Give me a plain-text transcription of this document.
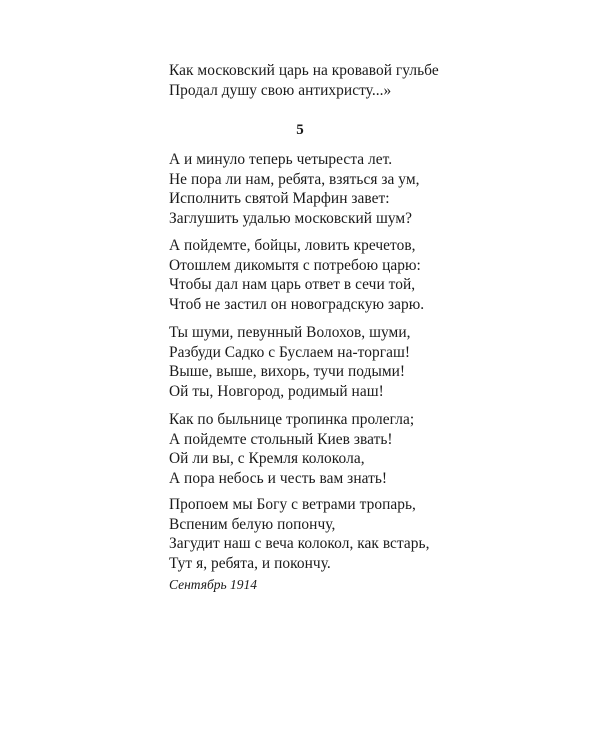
Как московский царь на кровавой гульбе
Продал душу свою антихристу...»

5

А и минуло теперь четыреста лет.
Не пора ли нам, ребята, взяться за ум,
Исполнить святой Марфин завет:
Заглушить удалью московский шум?
А пойдемте, бойцы, ловить кречетов,
Отошлем дикомытя с потребою царю:
Чтобы дал нам царь ответ в сечи той,
Чтоб не застил он новоградскую зарю.
Ты шуми, певунный Волохов, шуми,
Разбуди Садко с Буслаем на-торгаш!
Выше, выше, вихорь, тучи подыми!
Ой ты, Новгород, родимый наш!
Как по быльнице тропинка пролегла;
А пойдемте стольный Киев звать!
Ой ли вы, с Кремля колокола,
А пора небось и честь вам знать!
Пропоем мы Богу с ветрами тропарь,
Вспеним белую попончу,
Загудит наш с веча колокол, как встарь,
Тут я, ребята, и покончу.

Сентябрь 1914
